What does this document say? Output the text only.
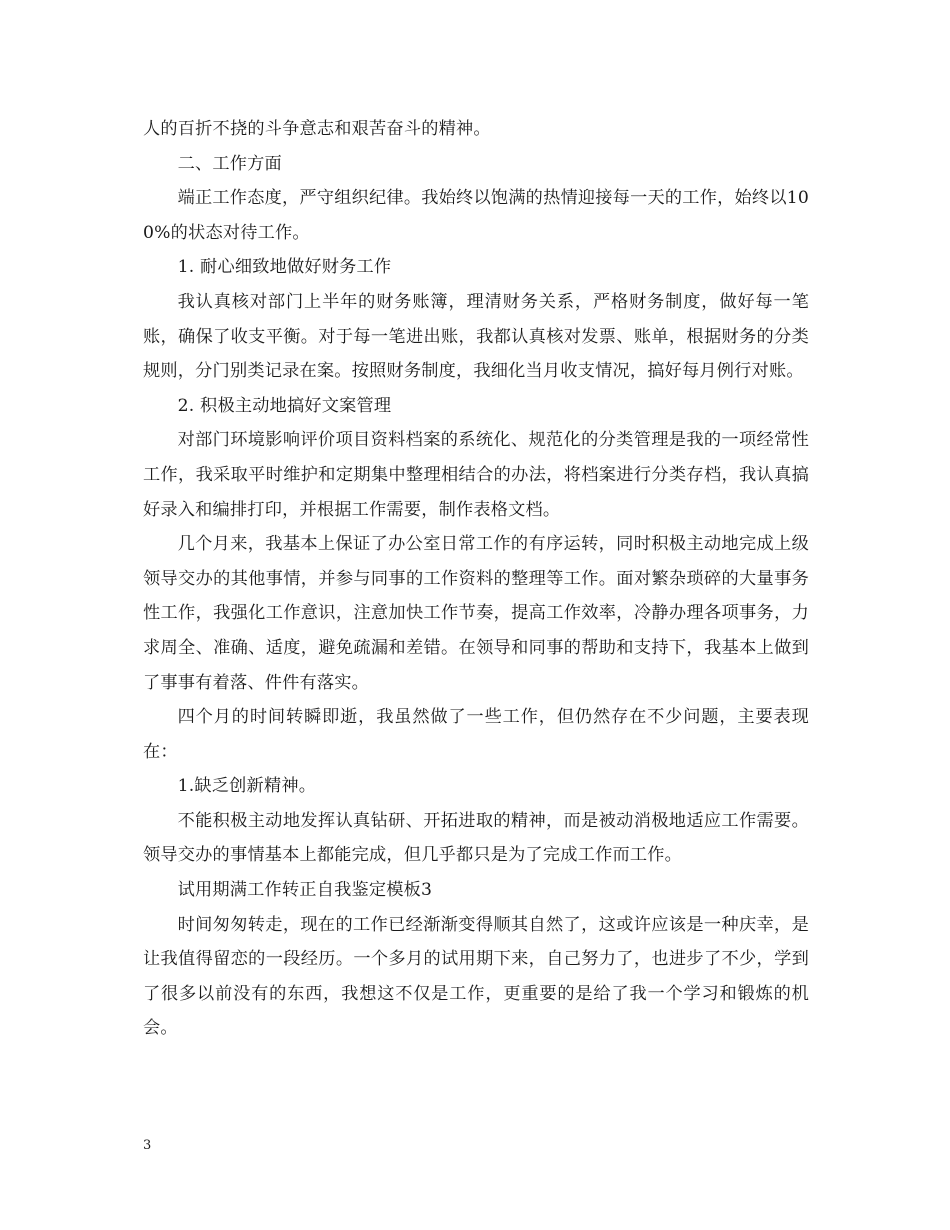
人的百折不挠的斗争意志和艰苦奋斗的精神。

二、工作方面

端正工作态度，严守组织纪律。我始终以饱满的热情迎接每一天的工作，始终以100%的状态对待工作。

1. 耐心细致地做好财务工作

我认真核对部门上半年的财务账簿，理清财务关系，严格财务制度，做好每一笔账，确保了收支平衡。对于每一笔进出账，我都认真核对发票、账单，根据财务的分类规则，分门别类记录在案。按照财务制度，我细化当月收支情况，搞好每月例行对账。

2. 积极主动地搞好文案管理

对部门环境影响评价项目资料档案的系统化、规范化的分类管理是我的一项经常性工作，我采取平时维护和定期集中整理相结合的办法，将档案进行分类存档，我认真搞好录入和编排打印，并根据工作需要，制作表格文档。

几个月来，我基本上保证了办公室日常工作的有序运转，同时积极主动地完成上级领导交办的其他事情，并参与同事的工作资料的整理等工作。面对繁杂琐碎的大量事务性工作，我强化工作意识，注意加快工作节奏，提高工作效率，冷静办理各项事务，力求周全、准确、适度，避免疏漏和差错。在领导和同事的帮助和支持下，我基本上做到了事事有着落、件件有落实。

四个月的时间转瞬即逝，我虽然做了一些工作，但仍然存在不少问题，主要表现在：

1.缺乏创新精神。

不能积极主动地发挥认真钻研、开拓进取的精神，而是被动消极地适应工作需要。领导交办的事情基本上都能完成，但几乎都只是为了完成工作而工作。

试用期满工作转正自我鉴定模板3

时间匆匆转走，现在的工作已经渐渐变得顺其自然了，这或许应该是一种庆幸，是让我值得留恋的一段经历。一个多月的试用期下来，自己努力了，也进步了不少，学到了很多以前没有的东西，我想这不仅是工作，更重要的是给了我一个学习和锻炼的机会。

3
